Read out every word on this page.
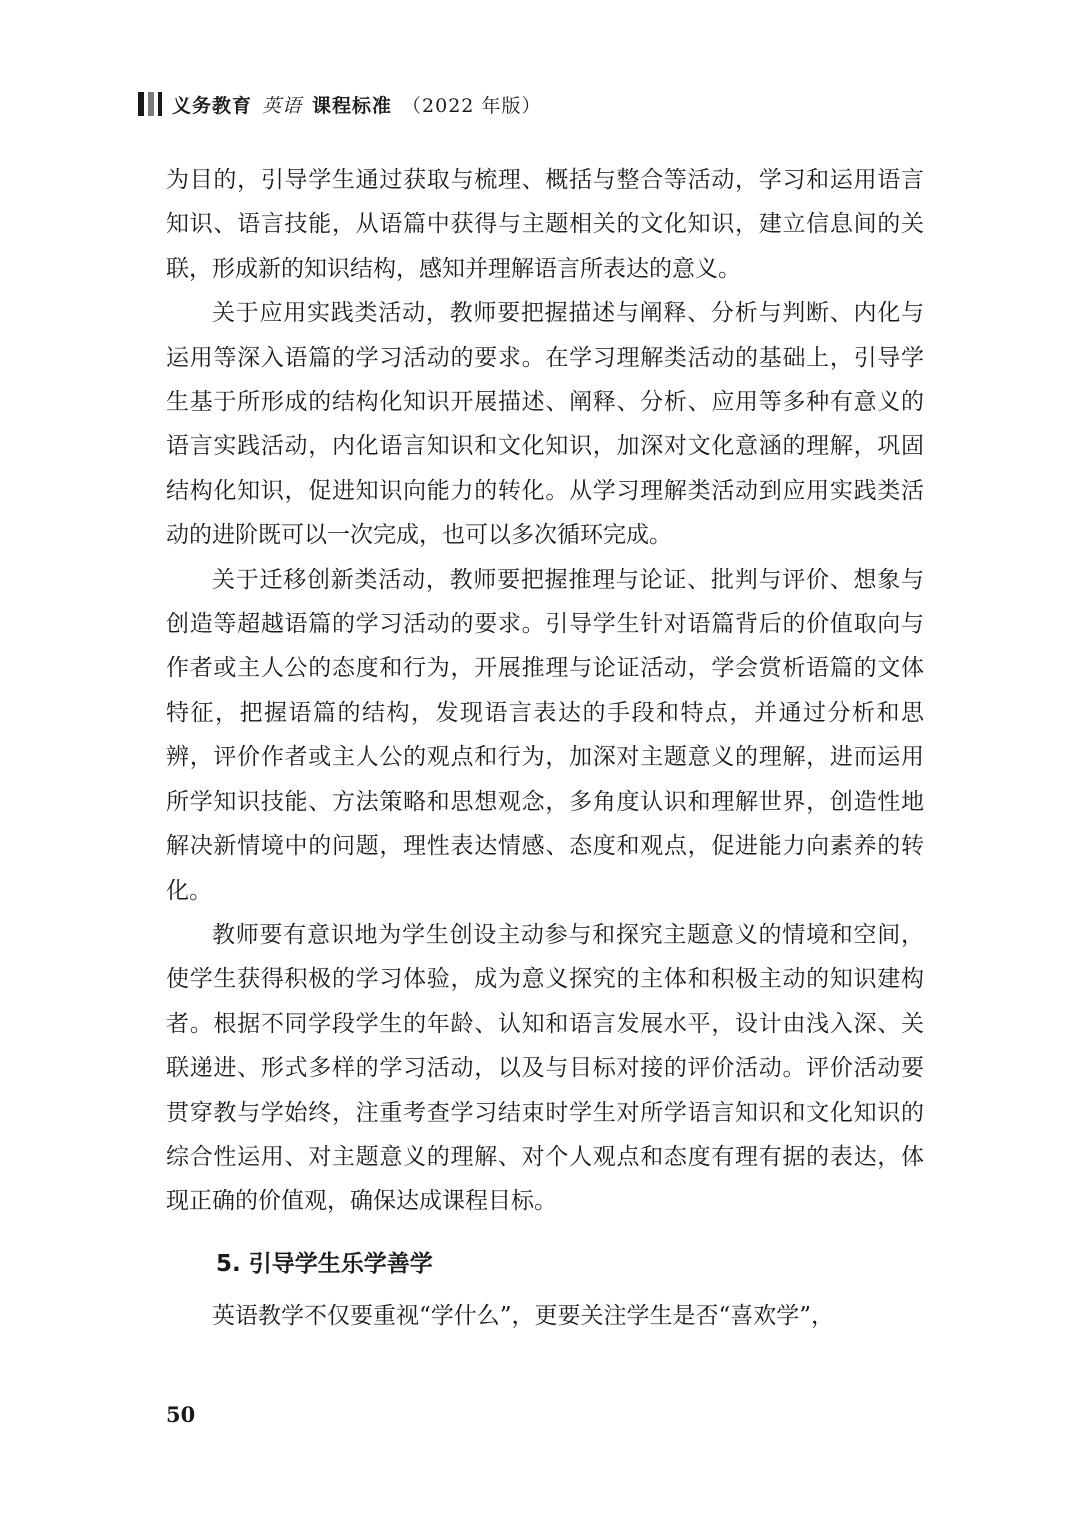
义务教育 英语 课程标准 （2022 年版）

为目的，引导学生通过获取与梳理、概括与整合等活动，学习和运用语言知识、语言技能，从语篇中获得与主题相关的文化知识，建立信息间的关联，形成新的知识结构，感知并理解语言所表达的意义。

关于应用实践类活动，教师要把握描述与阐释、分析与判断、内化与运用等深入语篇的学习活动的要求。在学习理解类活动的基础上，引导学生基于所形成的结构化知识开展描述、阐释、分析、应用等多种有意义的语言实践活动，内化语言知识和文化知识，加深对文化意涵的理解，巩固结构化知识，促进知识向能力的转化。从学习理解类活动到应用实践类活动的进阶既可以一次完成，也可以多次循环完成。

关于迁移创新类活动，教师要把握推理与论证、批判与评价、想象与创造等超越语篇的学习活动的要求。引导学生针对语篇背后的价值取向与作者或主人公的态度和行为，开展推理与论证活动，学会赏析语篇的文体特征，把握语篇的结构，发现语言表达的手段和特点，并通过分析和思辨，评价作者或主人公的观点和行为，加深对主题意义的理解，进而运用所学知识技能、方法策略和思想观念，多角度认识和理解世界，创造性地解决新情境中的问题，理性表达情感、态度和观点，促进能力向素养的转化。

教师要有意识地为学生创设主动参与和探究主题意义的情境和空间，使学生获得积极的学习体验，成为意义探究的主体和积极主动的知识建构者。根据不同学段学生的年龄、认知和语言发展水平，设计由浅入深、关联递进、形式多样的学习活动，以及与目标对接的评价活动。评价活动要贯穿教与学始终，注重考查学习结束时学生对所学语言知识和文化知识的综合性运用、对主题意义的理解、对个人观点和态度有理有据的表达，体现正确的价值观，确保达成课程目标。

5. 引导学生乐学善学

英语教学不仅要重视“学什么”，更要关注学生是否“喜欢学”，

50
